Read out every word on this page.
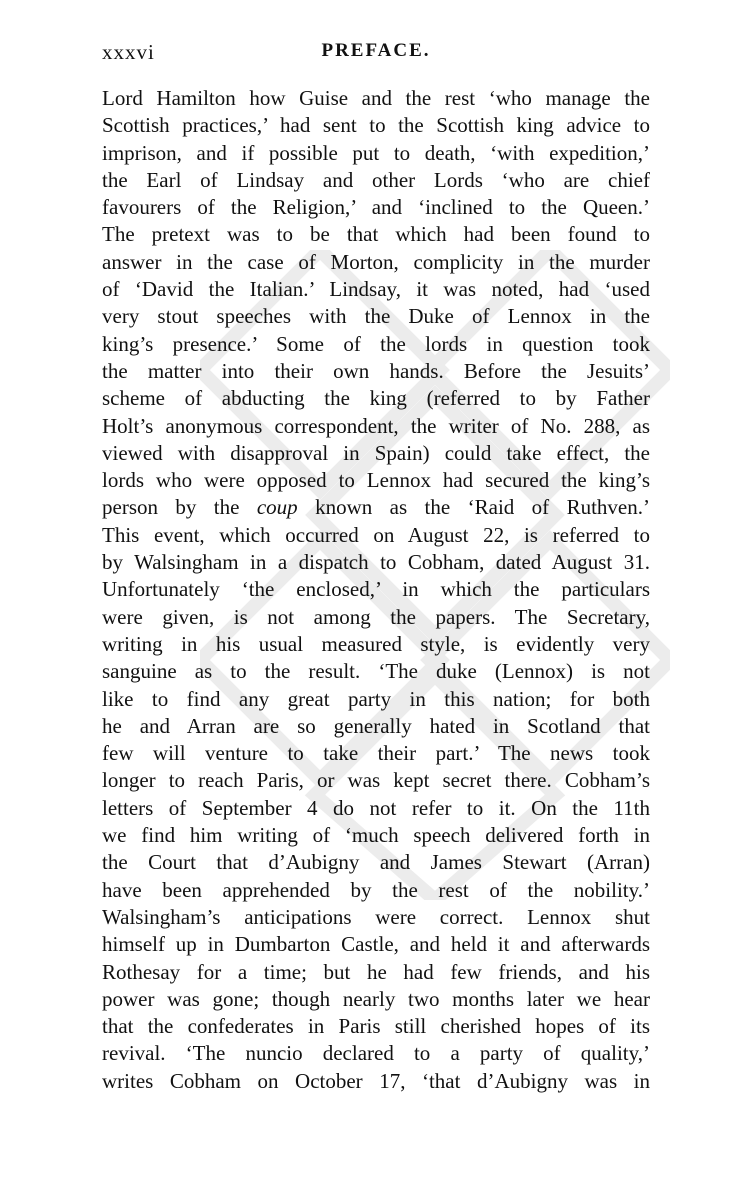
xxxvi	PREFACE.
Lord Hamilton how Guise and the rest ‘who manage the
Scottish practices,’ had sent to the Scottish king advice to
imprison, and if possible put to death, ‘with expedition,’
the Earl of Lindsay and other Lords ‘who are chief
favourers of the Religion,’ and ‘inclined to the Queen.’
The pretext was to be that which had been found to
answer in the case of Morton, complicity in the murder
of ‘David the Italian.’ Lindsay, it was noted, had ‘used
very stout speeches with the Duke of Lennox in the
king’s presence.’ Some of the lords in question took
the matter into their own hands. Before the Jesuits’
scheme of abducting the king (referred to by Father
Holt’s anonymous correspondent, the writer of No. 288, as
viewed with disapproval in Spain) could take effect, the
lords who were opposed to Lennox had secured the king’s
person by the coup known as the ‘Raid of Ruthven.’
This event, which occurred on August 22, is referred to
by Walsingham in a dispatch to Cobham, dated August 31.
Unfortunately ‘the enclosed,’ in which the particulars
were given, is not among the papers. The Secretary,
writing in his usual measured style, is evidently very
sanguine as to the result. ‘The duke (Lennox) is not
like to find any great party in this nation; for both
he and Arran are so generally hated in Scotland that
few will venture to take their part.’ The news took
longer to reach Paris, or was kept secret there. Cobham’s
letters of September 4 do not refer to it. On the 11th
we find him writing of ‘much speech delivered forth in
the Court that d’Aubigny and James Stewart (Arran)
have been apprehended by the rest of the nobility.’
Walsingham’s anticipations were correct. Lennox shut
himself up in Dumbarton Castle, and held it and afterwards
Rothesay for a time; but he had few friends, and his
power was gone; though nearly two months later we hear
that the confederates in Paris still cherished hopes of its
revival. ‘The nuncio declared to a party of quality,’
writes Cobham on October 17, ‘that d’Aubigny was in
